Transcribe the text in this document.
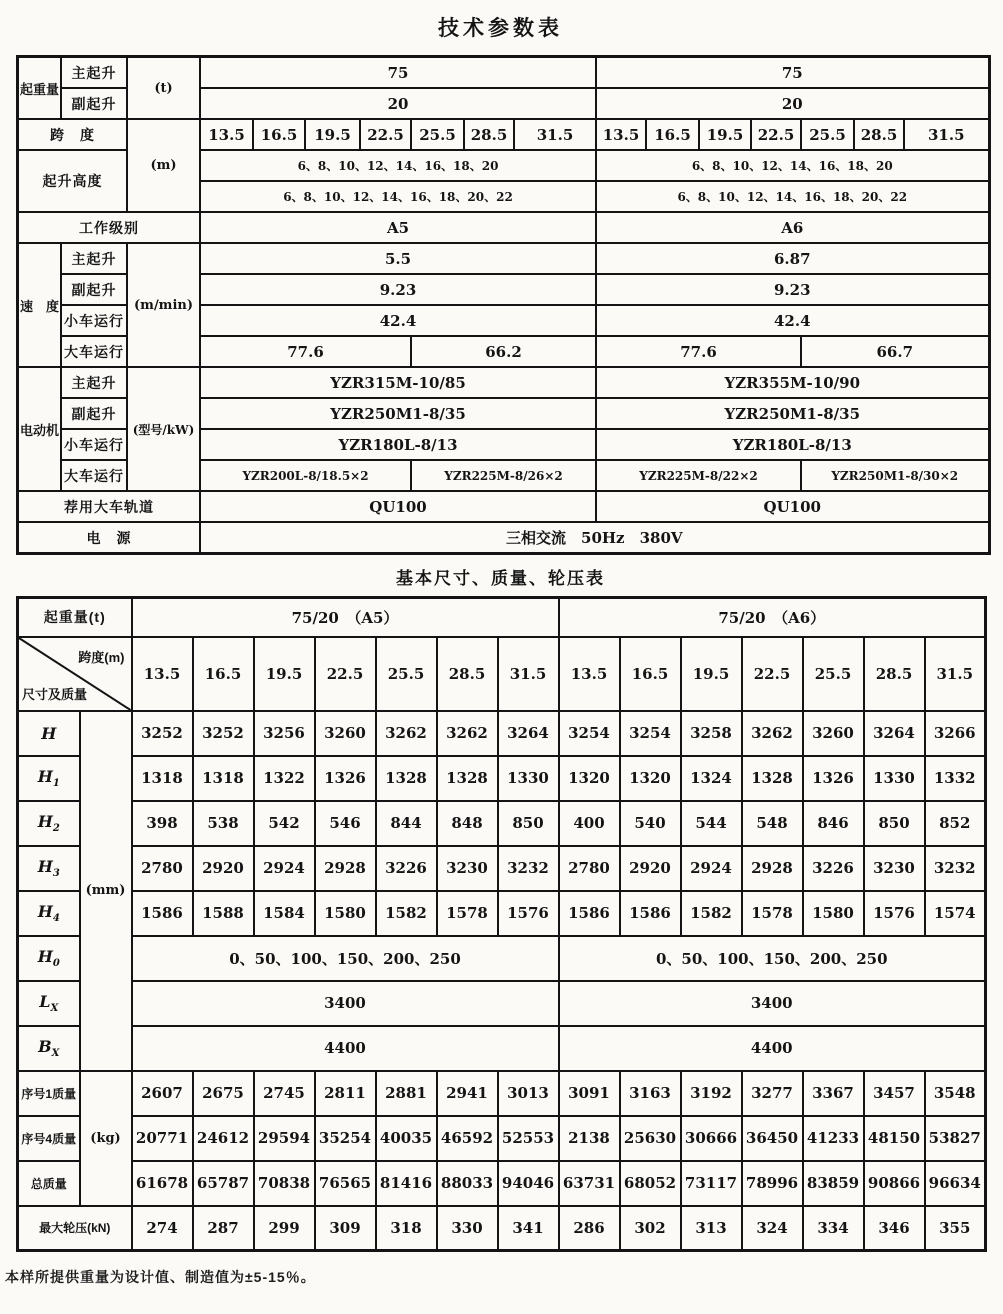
技术参数表
起重量	主起升	(t)	75							75						
	副起升		20							20						
跨　度		(m)	13.5	16.5	19.5	22.5	25.5	28.5	31.5	13.5	16.5	19.5	22.5	25.5	28.5	31.5
起升高度			6、8、10、12、14、16、18、20							6、8、10、12、14、16、18、20						
			6、8、10、12、14、16、18、20、22							6、8、10、12、14、16、18、20、22						
工作级别			A5							A6						
速　度	主起升	(m/min)	5.5							6.87						
	副起升		9.23							9.23						
	小车运行		42.4							42.4						
	大车运行		77.6				66.2			77.6				66.7		
电动机	主起升	(型号/kW)	YZR315M-10/85							YZR355M-10/90						
	副起升		YZR250M1-8/35							YZR250M1-8/35						
	小车运行		YZR180L-8/13							YZR180L-8/13						
	大车运行		YZR200L-8/18.5×2				YZR225M-8/26×2			YZR225M-8/22×2				YZR250M1-8/30×2		
荐用大车轨道			QU100							QU100						
电　源			三相交流　50Hz　380V													
基本尺寸、质量、轮压表
起重量(t)		75/20　（A5）							75/20　（A6）						

跨度(m)
尺寸及质量		13.5	16.5	19.5	22.5	25.5	28.5	31.5	13.5	16.5	19.5	22.5	25.5	28.5	31.5
H	(mm)	3252	3252	3256	3260	3262	3262	3264	3254	3254	3258	3262	3260	3264	3266
$H_1$		1318	1318	1322	1326	1328	1328	1330	1320	1320	1324	1328	1326	1330	1332
$H_2$		398	538	542	546	844	848	850	400	540	544	548	846	850	852
$H_3$		2780	2920	2924	2928	3226	3230	3232	2780	2920	2924	2928	3226	3230	3232
$H_4$		1586	1588	1584	1580	1582	1578	1576	1586	1586	1582	1578	1580	1576	1574
$H_0$		0、50、100、150、200、250							0、50、100、150、200、250						
$L_X$		3400							3400						
$B_X$		4400							4400						
序号1质量	(kg)	2607	2675	2745	2811	2881	2941	3013	3091	3163	3192	3277	3367	3457	3548
序号4质量		20771	24612	29594	35254	40035	46592	52553	2138	25630	30666	36450	41233	48150	53827
总质量		61678	65787	70838	76565	81416	88033	94046	63731	68052	73117	78996	83859	90866	96634
最大轮压(kN)		274	287	299	309	318	330	341	286	302	313	324	334	346	355
本样所提供重量为设计值、制造值为±5-15％。
